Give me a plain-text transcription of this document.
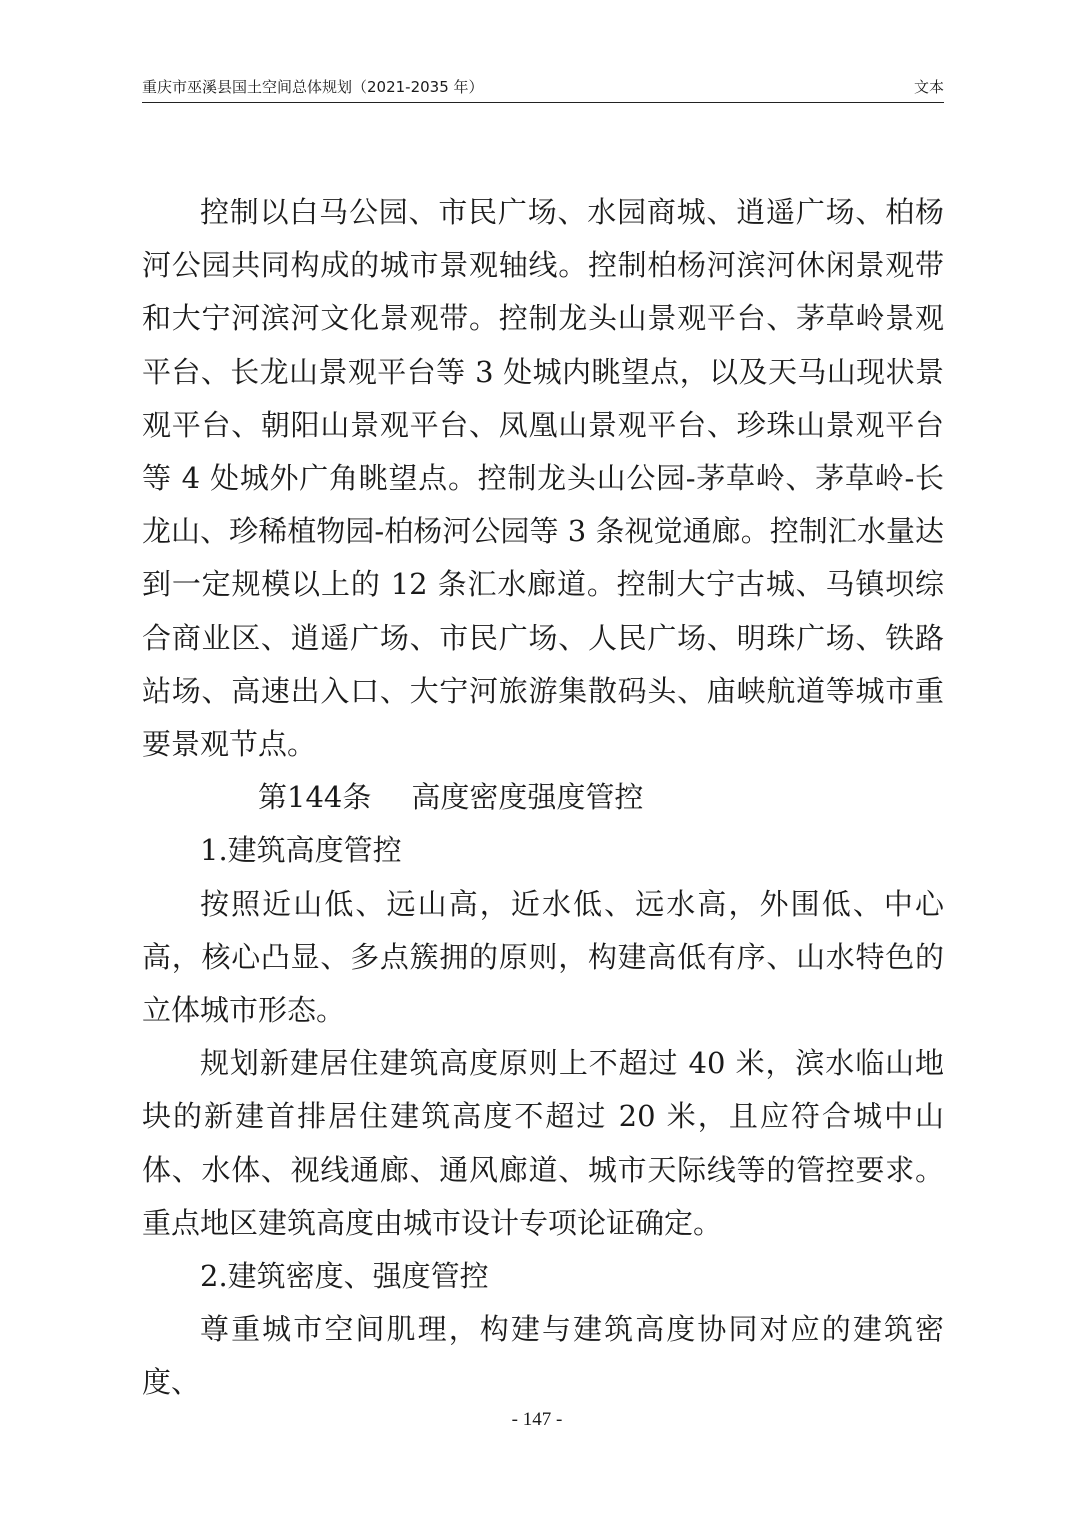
重庆市巫溪县国土空间总体规划（2021-2035 年）	文本

控制以白马公园、市民广场、水园商城、逍遥广场、柏杨河公园共同构成的城市景观轴线。控制柏杨河滨河休闲景观带和大宁河滨河文化景观带。控制龙头山景观平台、茅草岭景观平台、长龙山景观平台等 3 处城内眺望点，以及天马山现状景观平台、朝阳山景观平台、凤凰山景观平台、珍珠山景观平台等 4 处城外广角眺望点。控制龙头山公园-茅草岭、茅草岭-长龙山、珍稀植物园-柏杨河公园等 3 条视觉通廊。控制汇水量达到一定规模以上的 12 条汇水廊道。控制大宁古城、马镇坝综合商业区、逍遥广场、市民广场、人民广场、明珠广场、铁路站场、高速出入口、大宁河旅游集散码头、庙峡航道等城市重要景观节点。

第144条 高度密度强度管控

1.建筑高度管控

按照近山低、远山高，近水低、远水高，外围低、中心高，核心凸显、多点簇拥的原则，构建高低有序、山水特色的立体城市形态。

规划新建居住建筑高度原则上不超过 40 米，滨水临山地块的新建首排居住建筑高度不超过 20 米，且应符合城中山体、水体、视线通廊、通风廊道、城市天际线等的管控要求。重点地区建筑高度由城市设计专项论证确定。

2.建筑密度、强度管控

尊重城市空间肌理，构建与建筑高度协同对应的建筑密度、

- 147 -
